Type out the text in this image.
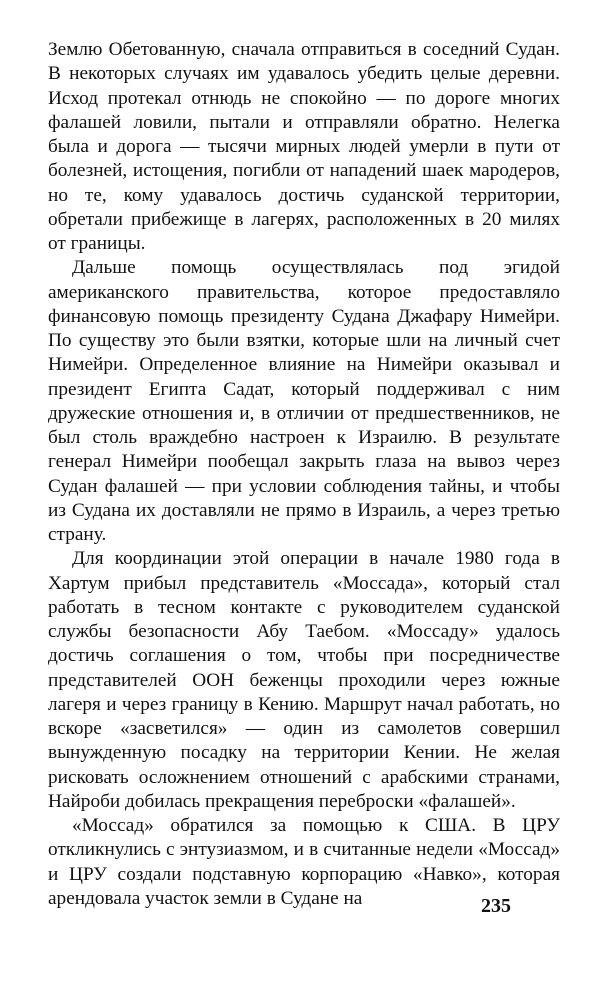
Землю Обетованную, сначала отправиться в соседний Судан. В некоторых случаях им удавалось убедить целые деревни. Исход протекал отнюдь не спокойно — по дороге многих фалашей ловили, пытали и отправляли обратно. Нелегка была и дорога — тысячи мирных людей умерли в пути от болезней, истощения, погибли от нападений шаек мародеров, но те, кому удавалось достичь суданской территории, обретали прибежище в лагерях, расположенных в 20 милях от границы.

Дальше помощь осуществлялась под эгидой американского правительства, которое предоставляло финансовую помощь президенту Судана Джафару Нимейри. По существу это были взятки, которые шли на личный счет Нимейри. Определенное влияние на Нимейри оказывал и президент Египта Садат, который поддерживал с ним дружеские отношения и, в отличии от предшественников, не был столь враждебно настроен к Израилю. В результате генерал Нимейри пообещал закрыть глаза на вывоз через Судан фалашей — при условии соблюдения тайны, и чтобы из Судана их доставляли не прямо в Израиль, а через третью страну.

Для координации этой операции в начале 1980 года в Хартум прибыл представитель «Моссада», который стал работать в тесном контакте с руководителем суданской службы безопасности Абу Таебом. «Моссаду» удалось достичь соглашения о том, чтобы при посредничестве представителей ООН беженцы проходили через южные лагеря и через границу в Кению. Маршрут начал работать, но вскоре «засветился» — один из самолетов совершил вынужденную посадку на территории Кении. Не желая рисковать осложнением отношений с арабскими странами, Найроби добилась прекращения переброски «фалашей».

«Моссад» обратился за помощью к США. В ЦРУ откликнулись с энтузиазмом, и в считанные недели «Моссад» и ЦРУ создали подставную корпорацию «Навко», которая арендовала участок земли в Судане на	235
